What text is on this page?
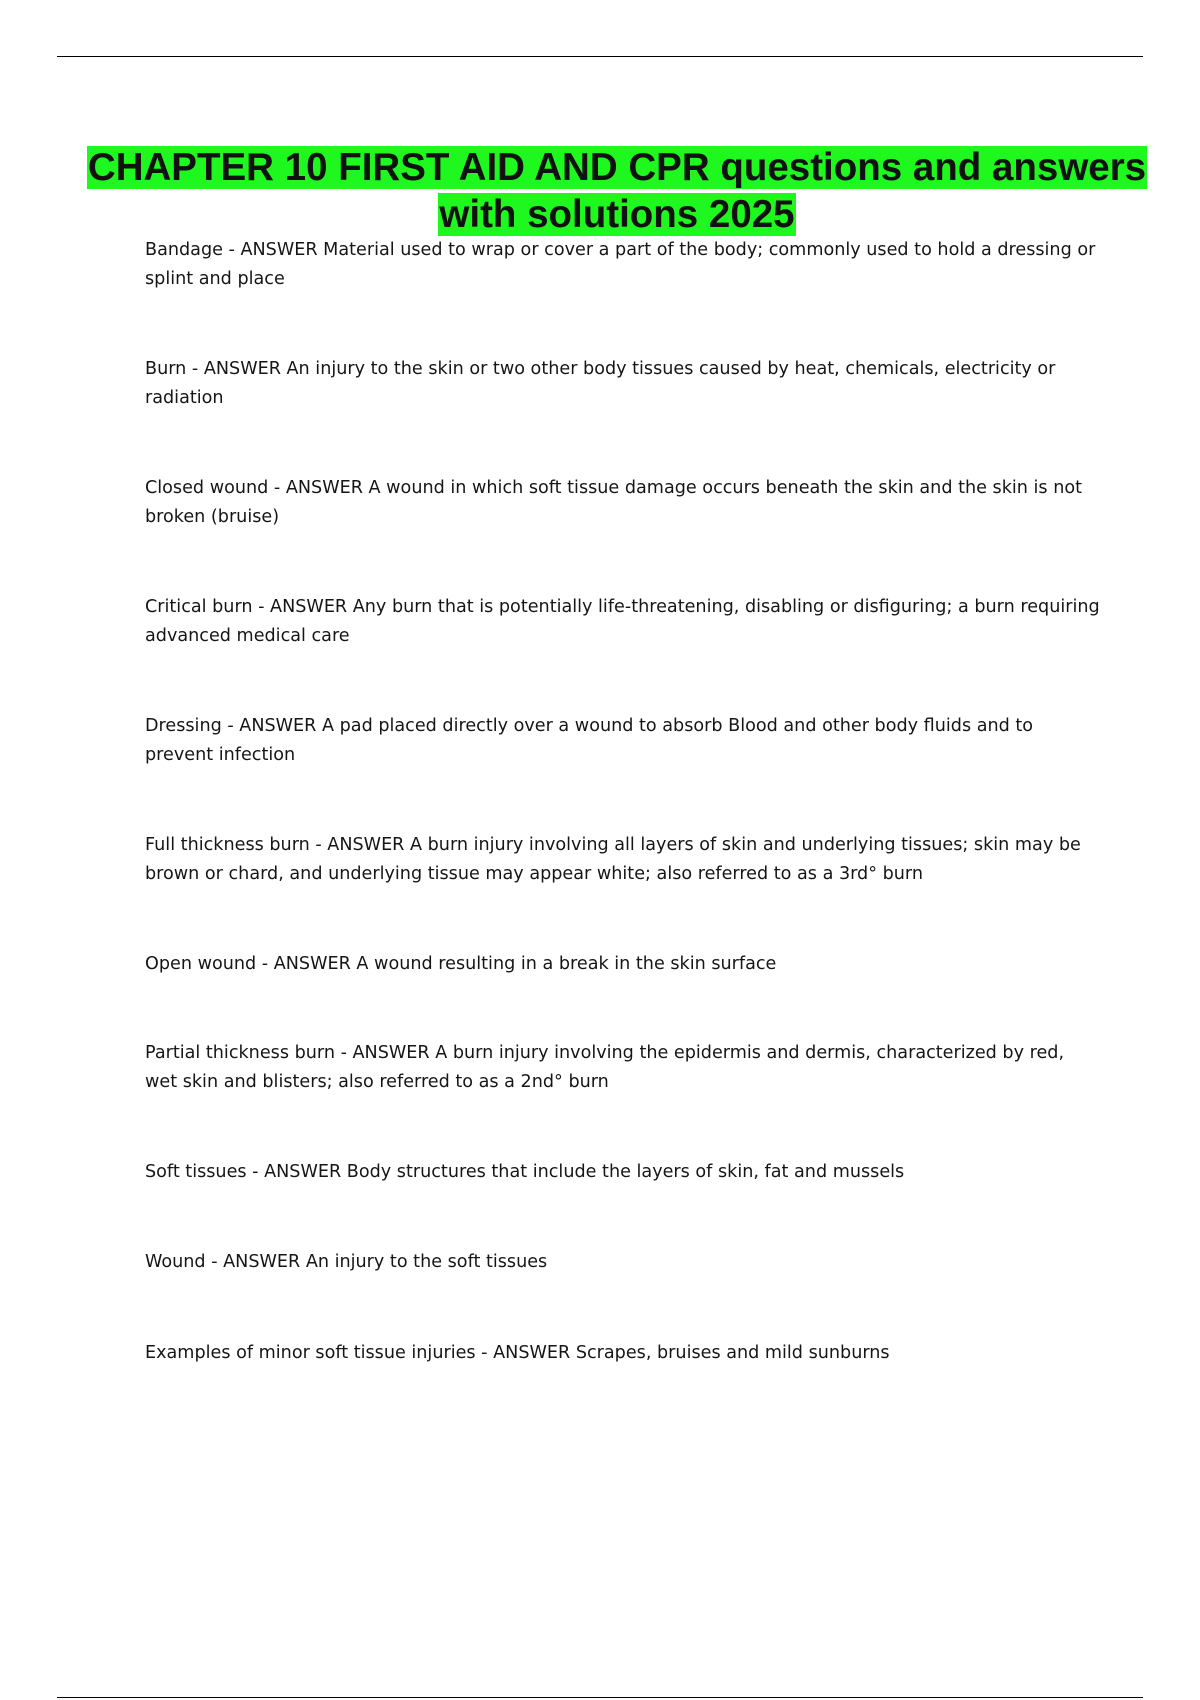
CHAPTER 10 FIRST AID AND CPR questions and answers with solutions 2025
Bandage - ANSWER Material used to wrap or cover a part of the body; commonly used to hold a dressing or splint and place
Burn - ANSWER An injury to the skin or two other body tissues caused by heat, chemicals, electricity or radiation
Closed wound - ANSWER A wound in which soft tissue damage occurs beneath the skin and the skin is not broken (bruise)
Critical burn - ANSWER Any burn that is potentially life-threatening, disabling or disfiguring; a burn requiring advanced medical care
Dressing - ANSWER A pad placed directly over a wound to absorb Blood and other body fluids and to prevent infection
Full thickness burn - ANSWER A burn injury involving all layers of skin and underlying tissues; skin may be brown or chard, and underlying tissue may appear white; also referred to as a 3rd° burn
Open wound - ANSWER A wound resulting in a break in the skin surface
Partial thickness burn - ANSWER A burn injury involving the epidermis and dermis, characterized by red, wet skin and blisters; also referred to as a 2nd° burn
Soft tissues - ANSWER Body structures that include the layers of skin, fat and mussels
Wound - ANSWER An injury to the soft tissues
Examples of minor soft tissue injuries - ANSWER Scrapes, bruises and mild sunburns
